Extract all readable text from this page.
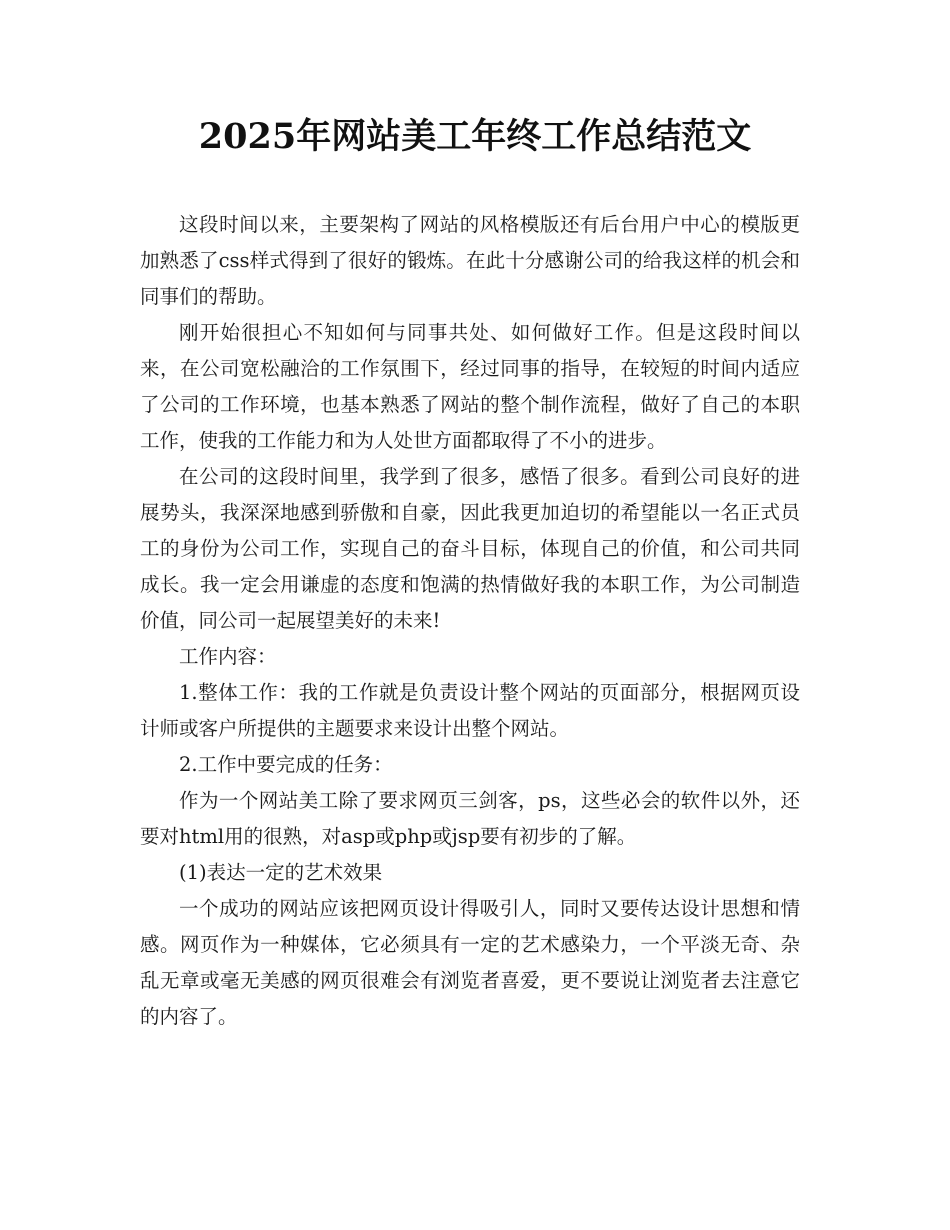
2025年网站美工年终工作总结范文

这段时间以来，主要架构了网站的风格模版还有后台用户中心的模版更加熟悉了css样式得到了很好的锻炼。在此十分感谢公司的给我这样的机会和同事们的帮助。

刚开始很担心不知如何与同事共处、如何做好工作。但是这段时间以来，在公司宽松融洽的工作氛围下，经过同事的指导，在较短的时间内适应了公司的工作环境，也基本熟悉了网站的整个制作流程，做好了自己的本职工作，使我的工作能力和为人处世方面都取得了不小的进步。

在公司的这段时间里，我学到了很多，感悟了很多。看到公司良好的进展势头，我深深地感到骄傲和自豪，因此我更加迫切的希望能以一名正式员工的身份为公司工作，实现自己的奋斗目标，体现自己的价值，和公司共同成长。我一定会用谦虚的态度和饱满的热情做好我的本职工作，为公司制造价值，同公司一起展望美好的未来!

工作内容：

1.整体工作：我的工作就是负责设计整个网站的页面部分，根据网页设计师或客户所提供的主题要求来设计出整个网站。

2.工作中要完成的任务：

作为一个网站美工除了要求网页三剑客，ps，这些必会的软件以外，还要对html用的很熟，对asp或php或jsp要有初步的了解。

(1)表达一定的艺术效果

一个成功的网站应该把网页设计得吸引人，同时又要传达设计思想和情感。网页作为一种媒体，它必须具有一定的艺术感染力，一个平淡无奇、杂乱无章或毫无美感的网页很难会有浏览者喜爱，更不要说让浏览者去注意它的内容了。
